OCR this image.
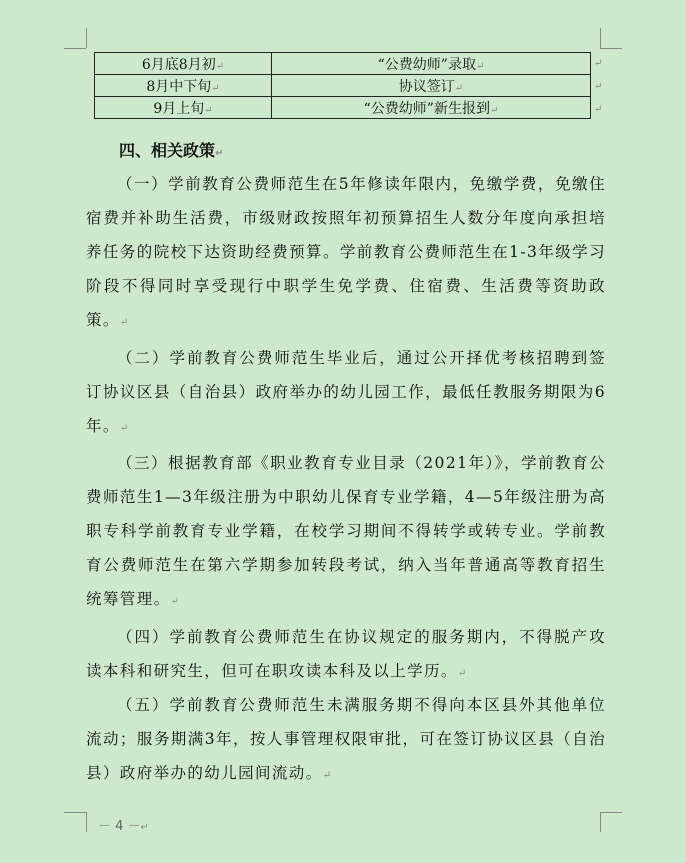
6月底8月初↵	“公费幼师”录取↵
8月中下旬↵	协议签订↵
9月上旬↵	“公费幼师”新生报到↵
↵
↵
↵

四、相关政策↵

（一）学前教育公费师范生在5年修读年限内，免缴学费，免缴住宿费并补助生活费，市级财政按照年初预算招生人数分年度向承担培养任务的院校下达资助经费预算。学前教育公费师范生在1-3年级学习阶段不得同时享受现行中职学生免学费、住宿费、生活费等资助政策。↵

（二）学前教育公费师范生毕业后，通过公开择优考核招聘到签订协议区县（自治县）政府举办的幼儿园工作，最低任教服务期限为6年。↵

（三）根据教育部《职业教育专业目录（2021年）》，学前教育公费师范生1—3年级注册为中职幼儿保育专业学籍，4—5年级注册为高职专科学前教育专业学籍，在校学习期间不得转学或转专业。学前教育公费师范生在第六学期参加转段考试，纳入当年普通高等教育招生统筹管理。↵

（四）学前教育公费师范生在协议规定的服务期内，不得脱产攻读本科和研究生，但可在职攻读本科及以上学历。↵

（五）学前教育公费师范生未满服务期不得向本区县外其他单位流动；服务期满3年，按人事管理权限审批，可在签订协议区县（自治县）政府举办的幼儿园间流动。↵

－ 4 －↵
